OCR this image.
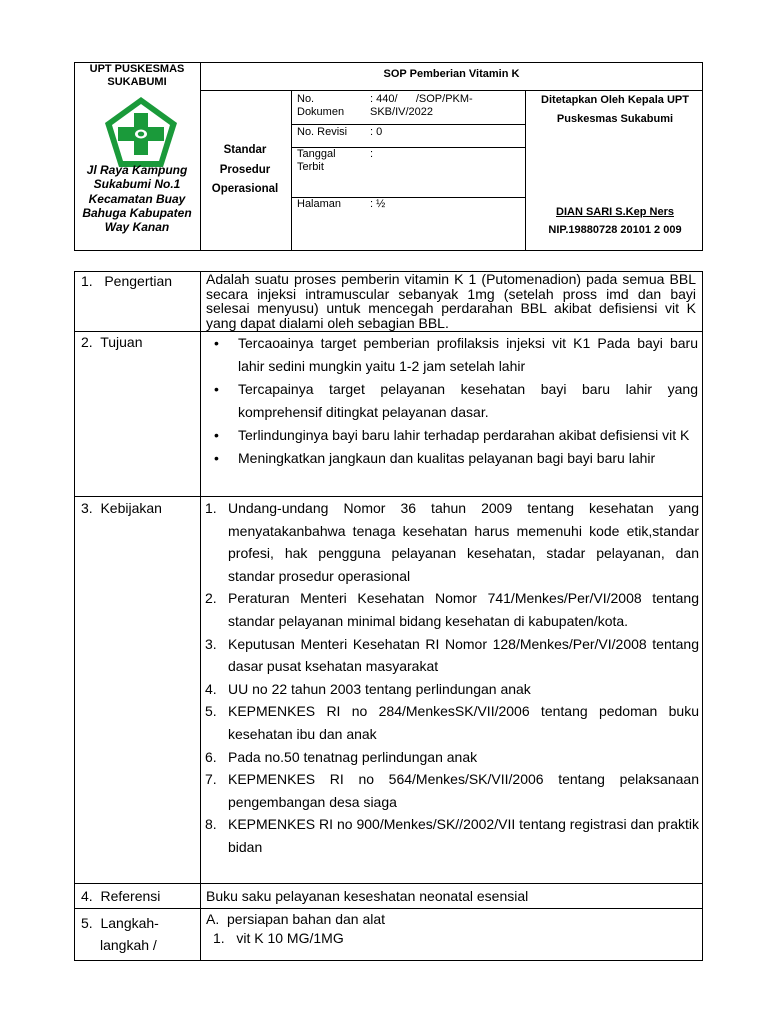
UPT PUSKESMAS SUKABUMI
Jl Raya Kampung Sukabumi No.1 Kecamatan Buay Bahuga Kabupaten Way Kanan
SOP Pemberian Vitamin K
Standar Prosedur Operasional
No. Dokumen
: 440/      /SOP/PKM-SKB/IV/2022
No. Revisi : 0
Tanggal Terbit
:
Halaman	: ½
Ditetapkan Oleh Kepala UPT Puskesmas Sukabumi
DIAN SARI S.Kep Ners
NIP.19880728 20101 2 009
1.   Pengertian Adalah suatu proses pemberin vitamin K 1 (Putomenadion) pada semua BBL secara injeksi intramuscular sebanyak 1mg (setelah pross imd dan bayi selesai menyusu) untuk mencegah perdarahan BBL akibat defisiensi vit K yang dapat dialami oleh sebagian BBL.
2.  Tujuan
•	Tercaoainya target pemberian profilaksis injeksi vit K1 Pada bayi baru lahir sedini mungkin yaitu 1-2 jam setelah lahir
• Tercapainya target pelayanan kesehatan bayi baru lahir yang komprehensif ditingkat pelayanan dasar.
• Terlindunginya bayi baru lahir terhadap perdarahan akibat defisiensi vit K
• Meningkatkan jangkaun dan kualitas pelayanan bagi bayi baru lahir
3.  Kebijakan	1. Undang-undang Nomor 36 tahun 2009 tentang kesehatan yang menyatakanbahwa tenaga kesehatan harus memenuhi kode etik,standar profesi, hak pengguna pelayanan kesehatan, stadar pelayanan, dan standar prosedur operasional
2. Peraturan Menteri Kesehatan Nomor 741/Menkes/Per/VI/2008 tentang standar pelayanan minimal bidang kesehatan di kabupaten/kota.
3. Keputusan Menteri Kesehatan RI Nomor 128/Menkes/Per/VI/2008 tentang dasar pusat ksehatan masyarakat
4. UU no 22 tahun 2003 tentang perlindungan anak
5. KEPMENKES RI no 284/MenkesSK/VII/2006 tentang pedoman buku kesehatan ibu dan anak
6. Pada no.50 tenatnag perlindungan anak
7. KEPMENKES RI no 564/Menkes/SK/VII/2006 tentang pelaksanaan pengembangan desa siaga
8. KEPMENKES RI no 900/Menkes/SK//2002/VII tentang registrasi dan praktik bidan
4.  Referensi	Buku saku pelayanan keseshatan neonatal esensial
5.  Langkah-
langkah /
A.  persiapan bahan dan alat
1.   vit K 10 MG/1MG
